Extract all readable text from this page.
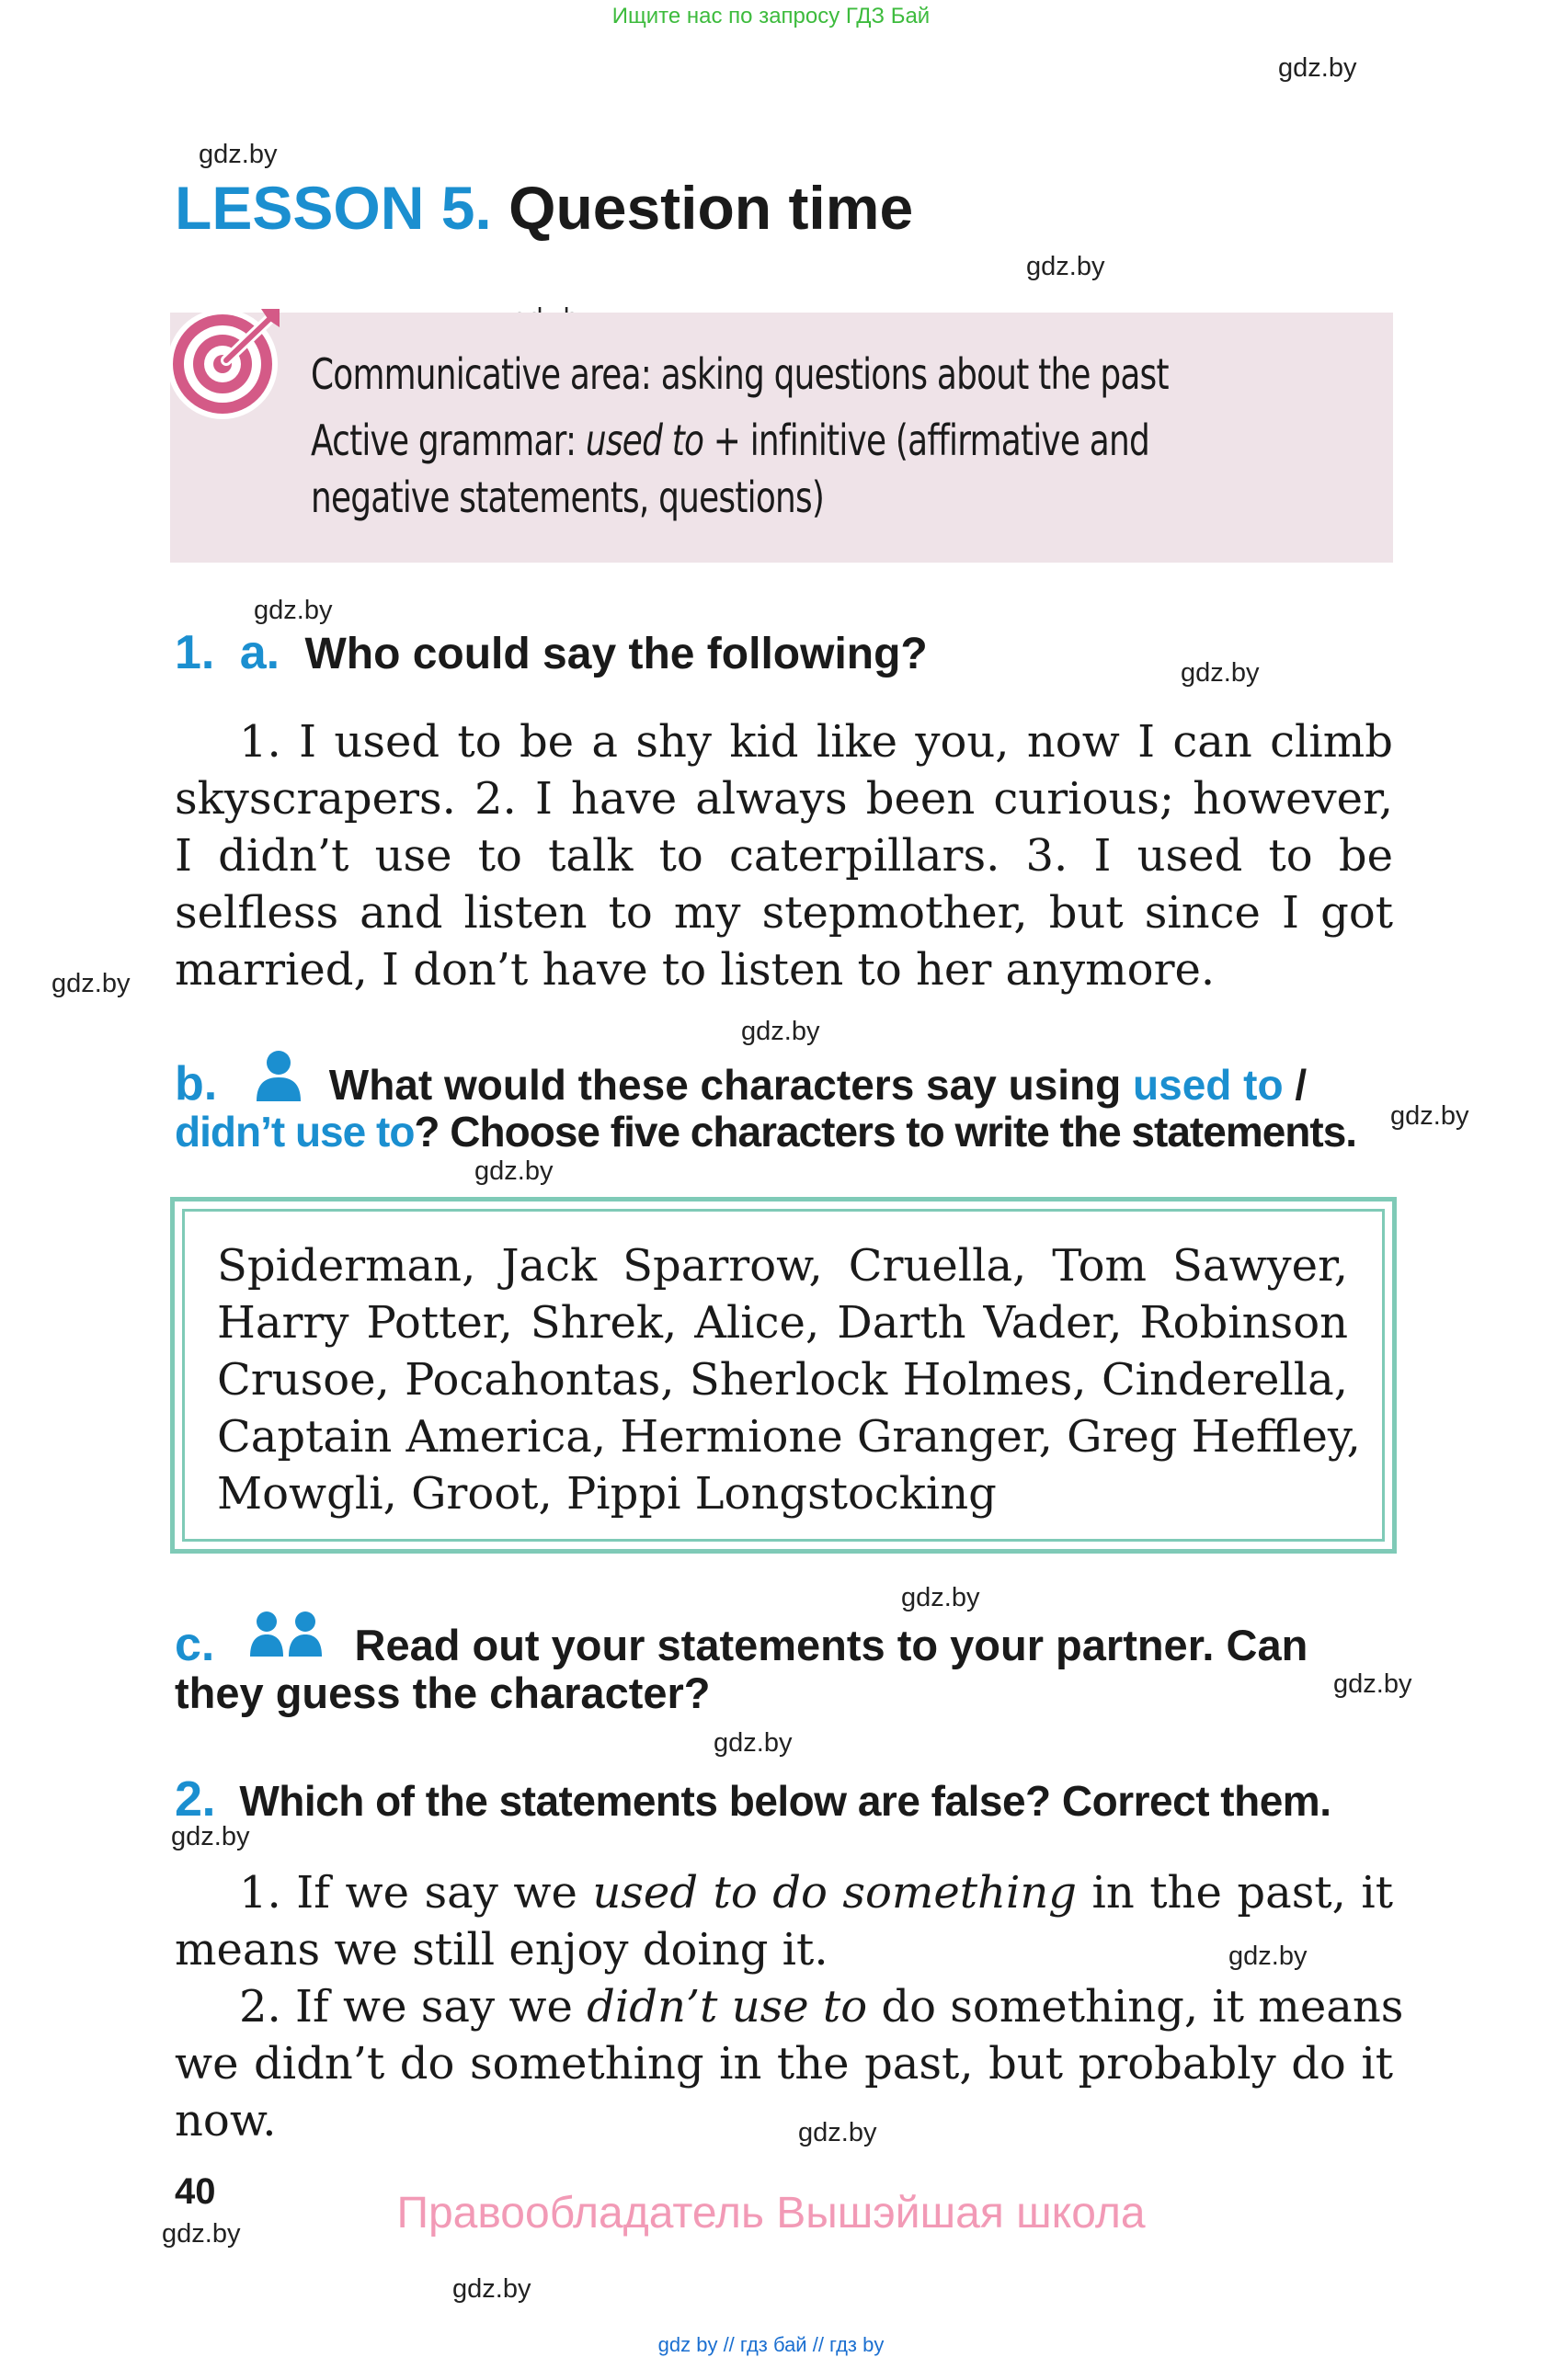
Ищите нас по запросу ГДЗ Бай
gdz.by
gdz.by
gdz.by
gdz.by
gdz.by
gdz.by
gdz.by
gdz.by
gdz.by
gdz.by
gdz.by
gdz.by
gdz.by
gdz.by
gdz.by
gdz.by
gdz.by
LESSON 5. Question time
Communicative area: asking questions about the past
Active grammar: used to + infinitive (affirmative and
negative statements, questions)
1. a. Who could say the following?
1. I used to be a shy kid like you, now I can climb
skyscrapers. 2. I have always been curious; however,
I didn’t use to talk to caterpillars. 3. I used to be
selfless and listen to my stepmother, but since I got
married, I don’t have to listen to her anymore.
b.	What would these characters say using used to /
didn’t use to? Choose five characters to write the statements.
Spiderman, Jack Sparrow, Cruella, Tom Sawyer,
Harry Potter, Shrek, Alice, Darth Vader, Robinson
Crusoe, Pocahontas, Sherlock Holmes, Cinderella,
Captain America, Hermione Granger, Greg Heffley,
Mowgli, Groot, Pippi Longstocking
c.	Read out your statements to your partner. Can
they guess the character?
2. Which of the statements below are false? Correct them.
1. If we say we used to do something in the past, it
means we still enjoy doing it.
2. If we say we didn’t use to do something, it means
we didn’t do something in the past, but probably do it
now.
40	Правообладатель Вышэйшая школа
gdz by // гдз бай // гдз by
